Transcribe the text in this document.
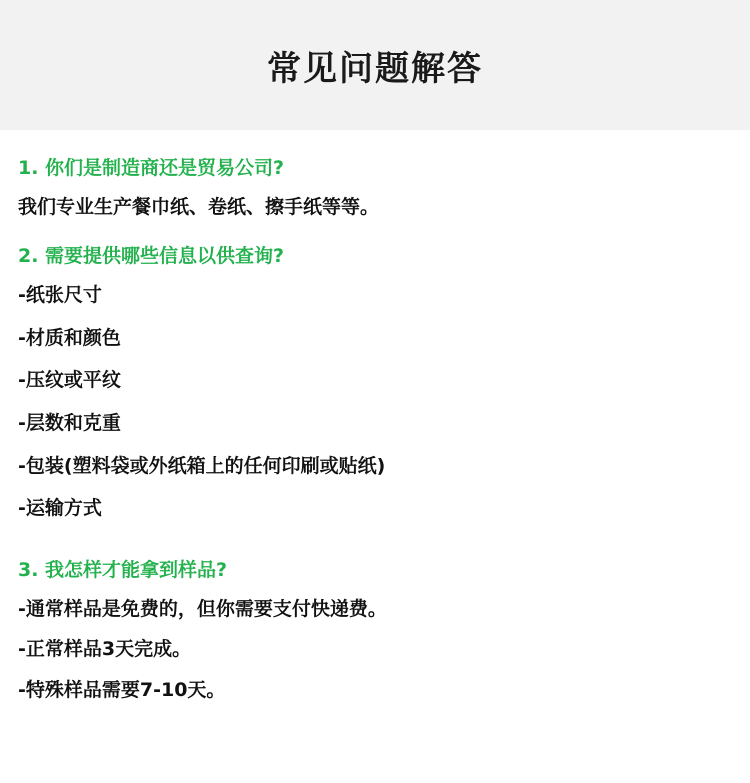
常见问题解答

1. 你们是制造商还是贸易公司?

我们专业生产餐巾纸、卷纸、擦手纸等等。

2. 需要提供哪些信息以供查询?

-纸张尺寸
-材质和颜色
-压纹或平纹
-层数和克重
-包装(塑料袋或外纸箱上的任何印刷或贴纸)
-运输方式

3. 我怎样才能拿到样品?

-通常样品是免费的，但你需要支付快递费。

-正常样品3天完成。

-特殊样品需要7-10天。
